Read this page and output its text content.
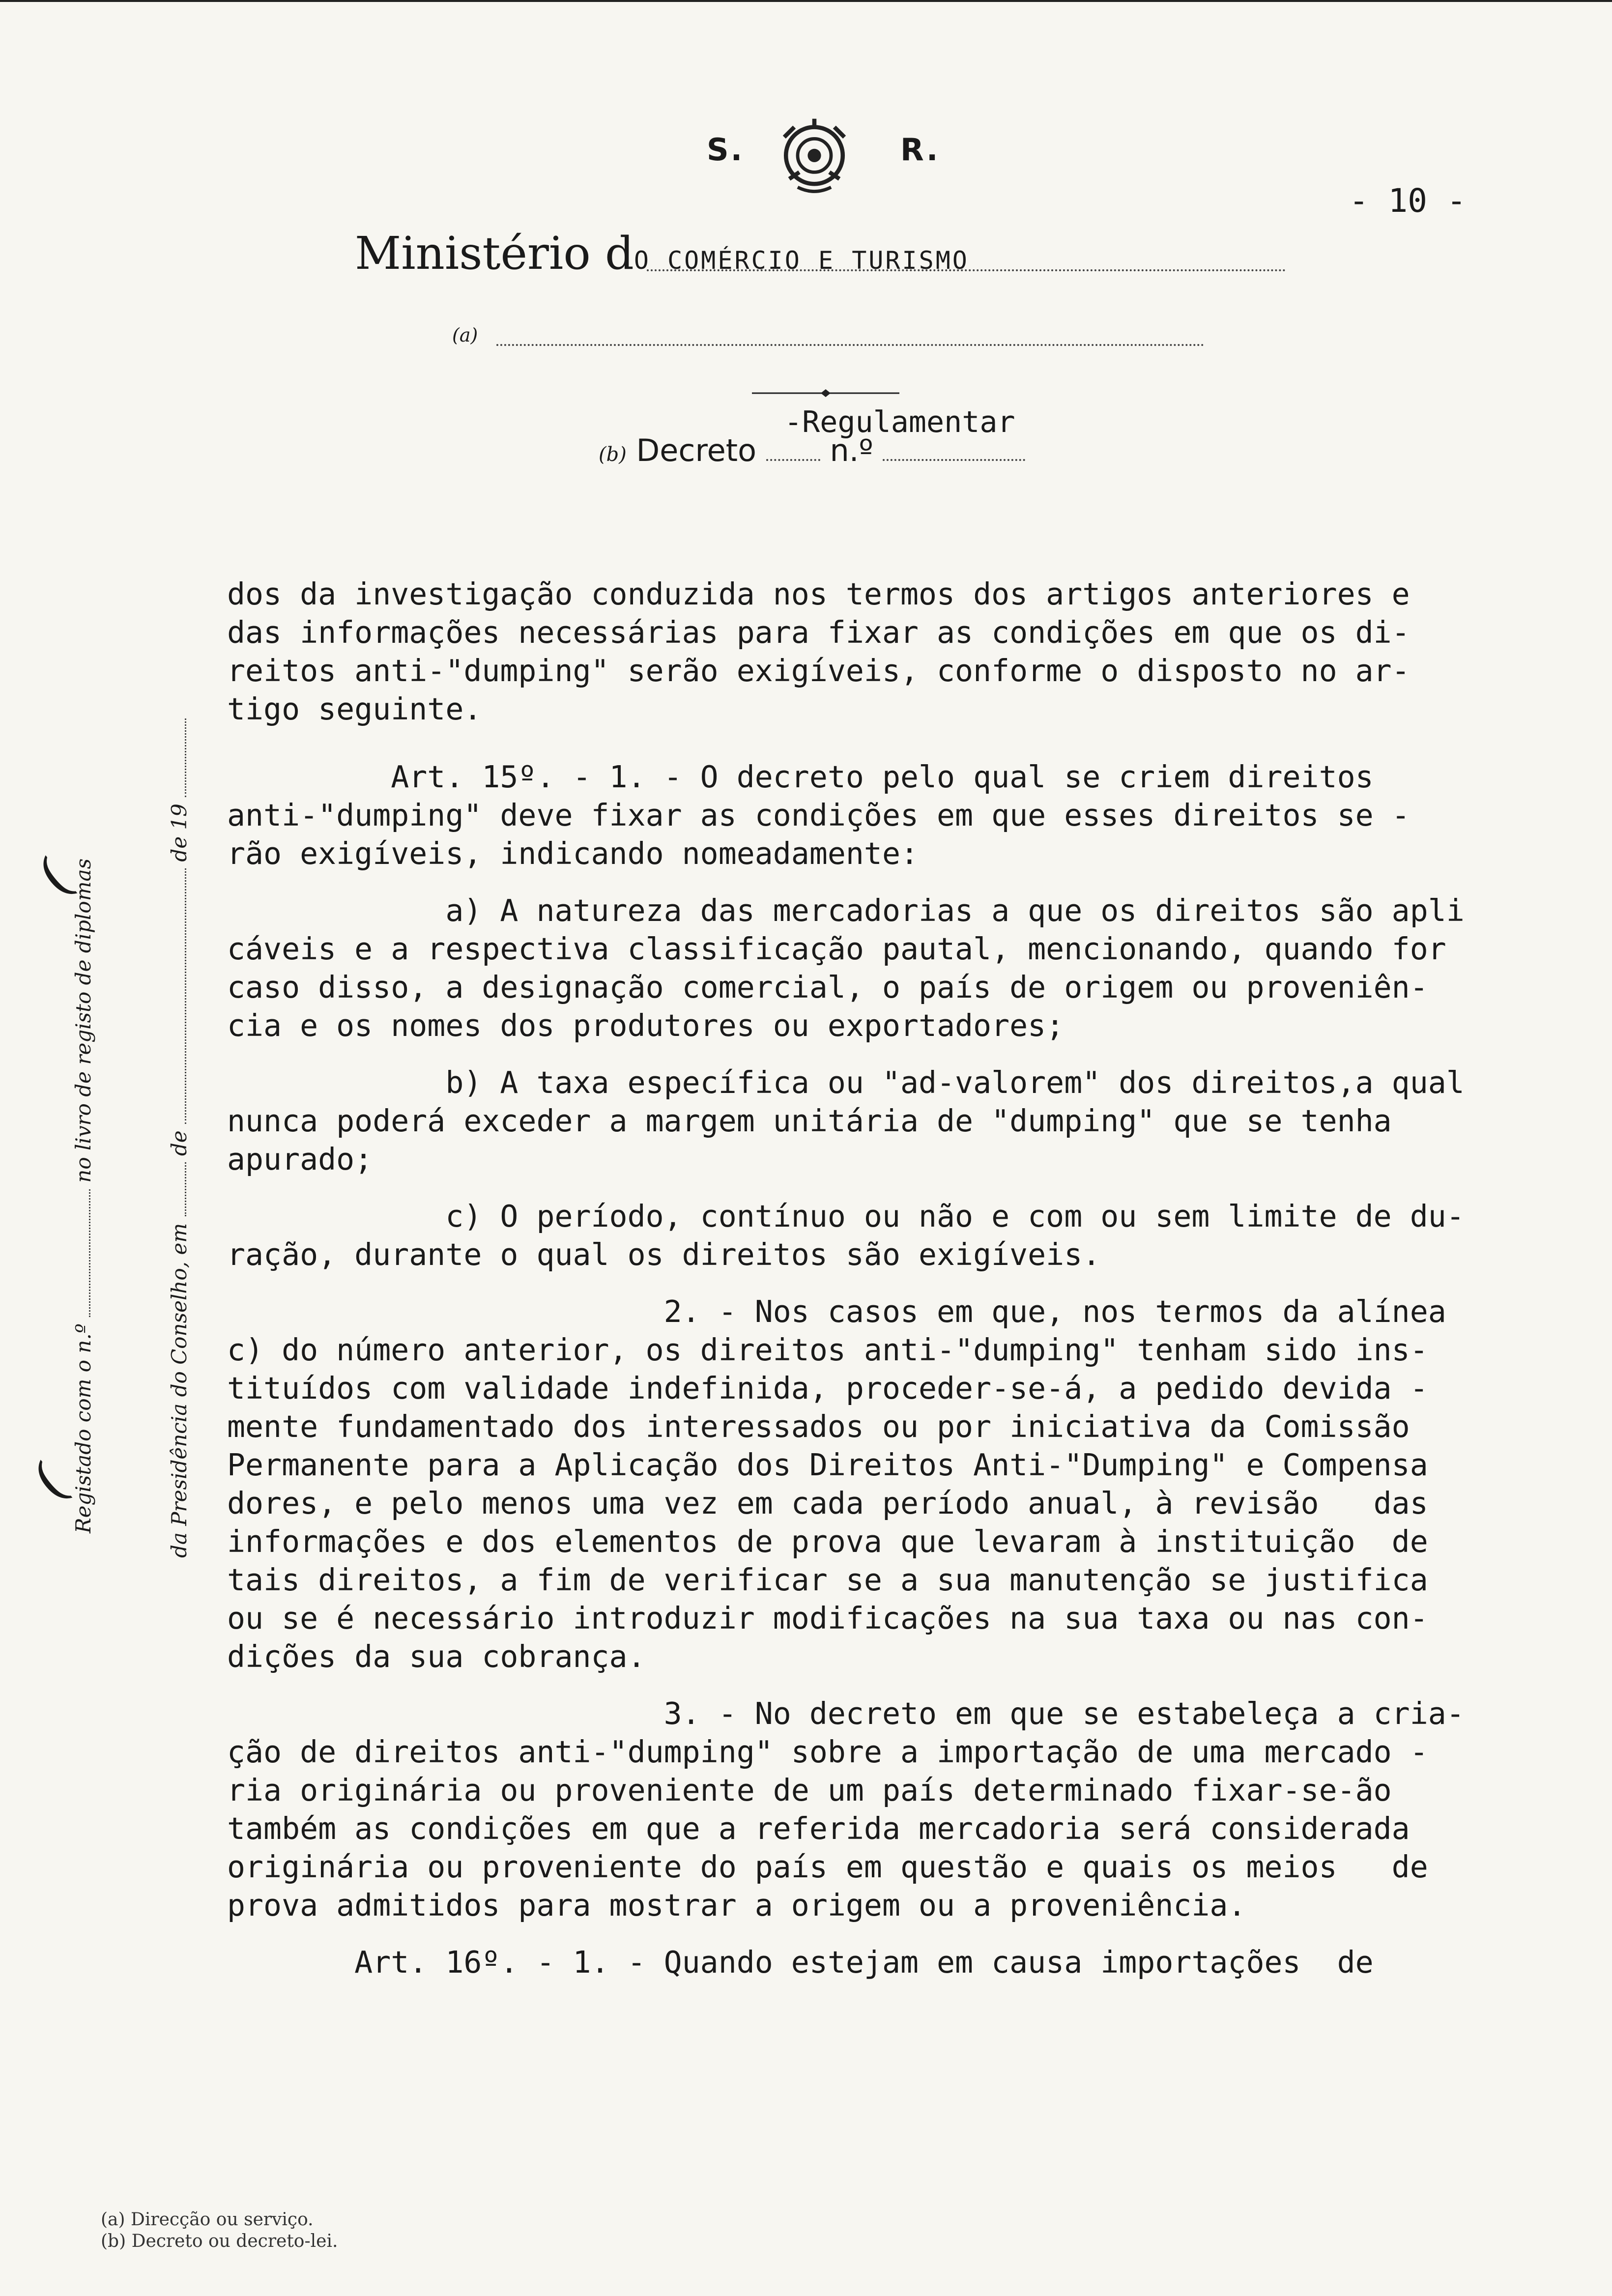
S.	R.
- 10 -
Ministério dO COMÉRCIO E TURISMO
(a)
-Regulamentar
(b) Decreto n.º
(
(
Registado com o n.º  no livro de registo de diplomas
da Presidência do Conselho, em  de  de 19

dos da investigação conduzida nos termos dos artigos anteriores e

das informações necessárias para fixar as condições em que os di-

reitos anti-"dumping" serão exigíveis, conforme o disposto no ar-

tigo seguinte.

Art. 15º. - 1. - O decreto pelo qual se criem direitos

anti-"dumping" deve fixar as condições em que esses direitos se -

rão exigíveis, indicando nomeadamente:

a) A natureza das mercadorias a que os direitos são apli

cáveis e a respectiva classificação pautal, mencionando, quando for

caso disso, a designação comercial, o país de origem ou proveniên-

cia e os nomes dos produtores ou exportadores;

b) A taxa específica ou "ad-valorem" dos direitos,a qual

nunca poderá exceder a margem unitária de "dumping" que se tenha

apurado;

c) O período, contínuo ou não e com ou sem limite de du-

ração, durante o qual os direitos são exigíveis.

2. - Nos casos em que, nos termos da alínea

c) do número anterior, os direitos anti-"dumping" tenham sido ins-

tituídos com validade indefinida, proceder-se-á, a pedido devida -

mente fundamentado dos interessados ou por iniciativa da Comissão

Permanente para a Aplicação dos Direitos Anti-"Dumping" e Compensa

dores, e pelo menos uma vez em cada período anual, à revisão   das

informações e dos elementos de prova que levaram à instituição  de

tais direitos, a fim de verificar se a sua manutenção se justifica

ou se é necessário introduzir modificações na sua taxa ou nas con-

dições da sua cobrança.

3. - No decreto em que se estabeleça a cria-

ção de direitos anti-"dumping" sobre a importação de uma mercado -

ria originária ou proveniente de um país determinado fixar-se-ão

também as condições em que a referida mercadoria será considerada

originária ou proveniente do país em questão e quais os meios   de

prova admitidos para mostrar a origem ou a proveniência.

Art. 16º. - 1. - Quando estejam em causa importações  de

(a) Direcção ou serviço.
(b) Decreto ou decreto-lei.
